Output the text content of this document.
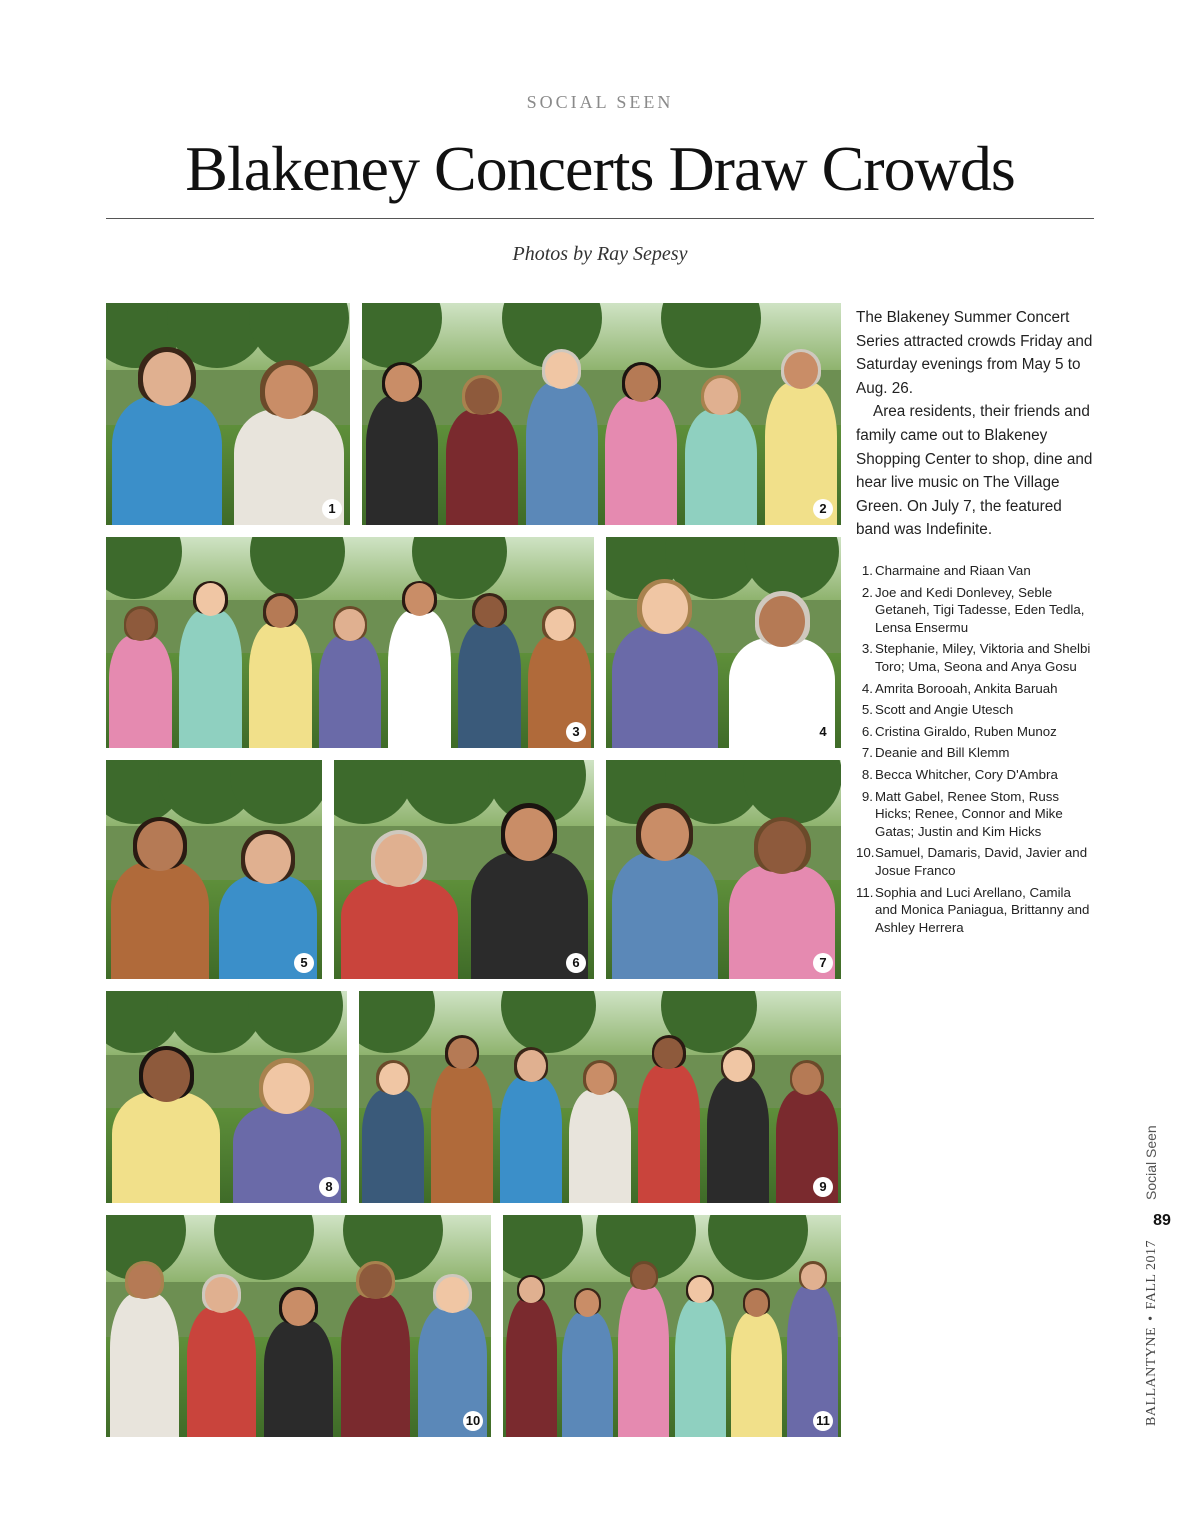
SOCIAL SEEN
Blakeney Concerts Draw Crowds
Photos by Ray Sepesy
1	2
3	4
5	6	7
8	9
10	11

The Blakeney Summer Concert Series attracted crowds Friday and Saturday evenings from May 5 to Aug. 26.

Area residents, their friends and family came out to Blakeney Shopping Center to shop, dine and hear live music on The Village Green. On July 7, the featured band was Indefinite.

1. Charmaine and Riaan Van
2. Joe and Kedi Donlevey, Seble Getaneh, Tigi Tadesse, Eden Tedla, Lensa Ensermu
3. Stephanie, Miley, Viktoria and Shelbi Toro; Uma, Seona and Anya Gosu
4. Amrita Borooah, Ankita Baruah
5. Scott and Angie Utesch
6. Cristina Giraldo, Ruben Munoz
7. Deanie and Bill Klemm
8. Becca Whitcher, Cory D'Ambra
9. Matt Gabel, Renee Stom, Russ Hicks; Renee, Connor and Mike Gatas; Justin and Kim Hicks
10. Samuel, Damaris, David, Javier and Josue Franco
11. Sophia and Luci Arellano, Camila and Monica Paniagua, Brittanny and Ashley Herrera
Social Seen
89
BALLANTYNE•FALL 2017
